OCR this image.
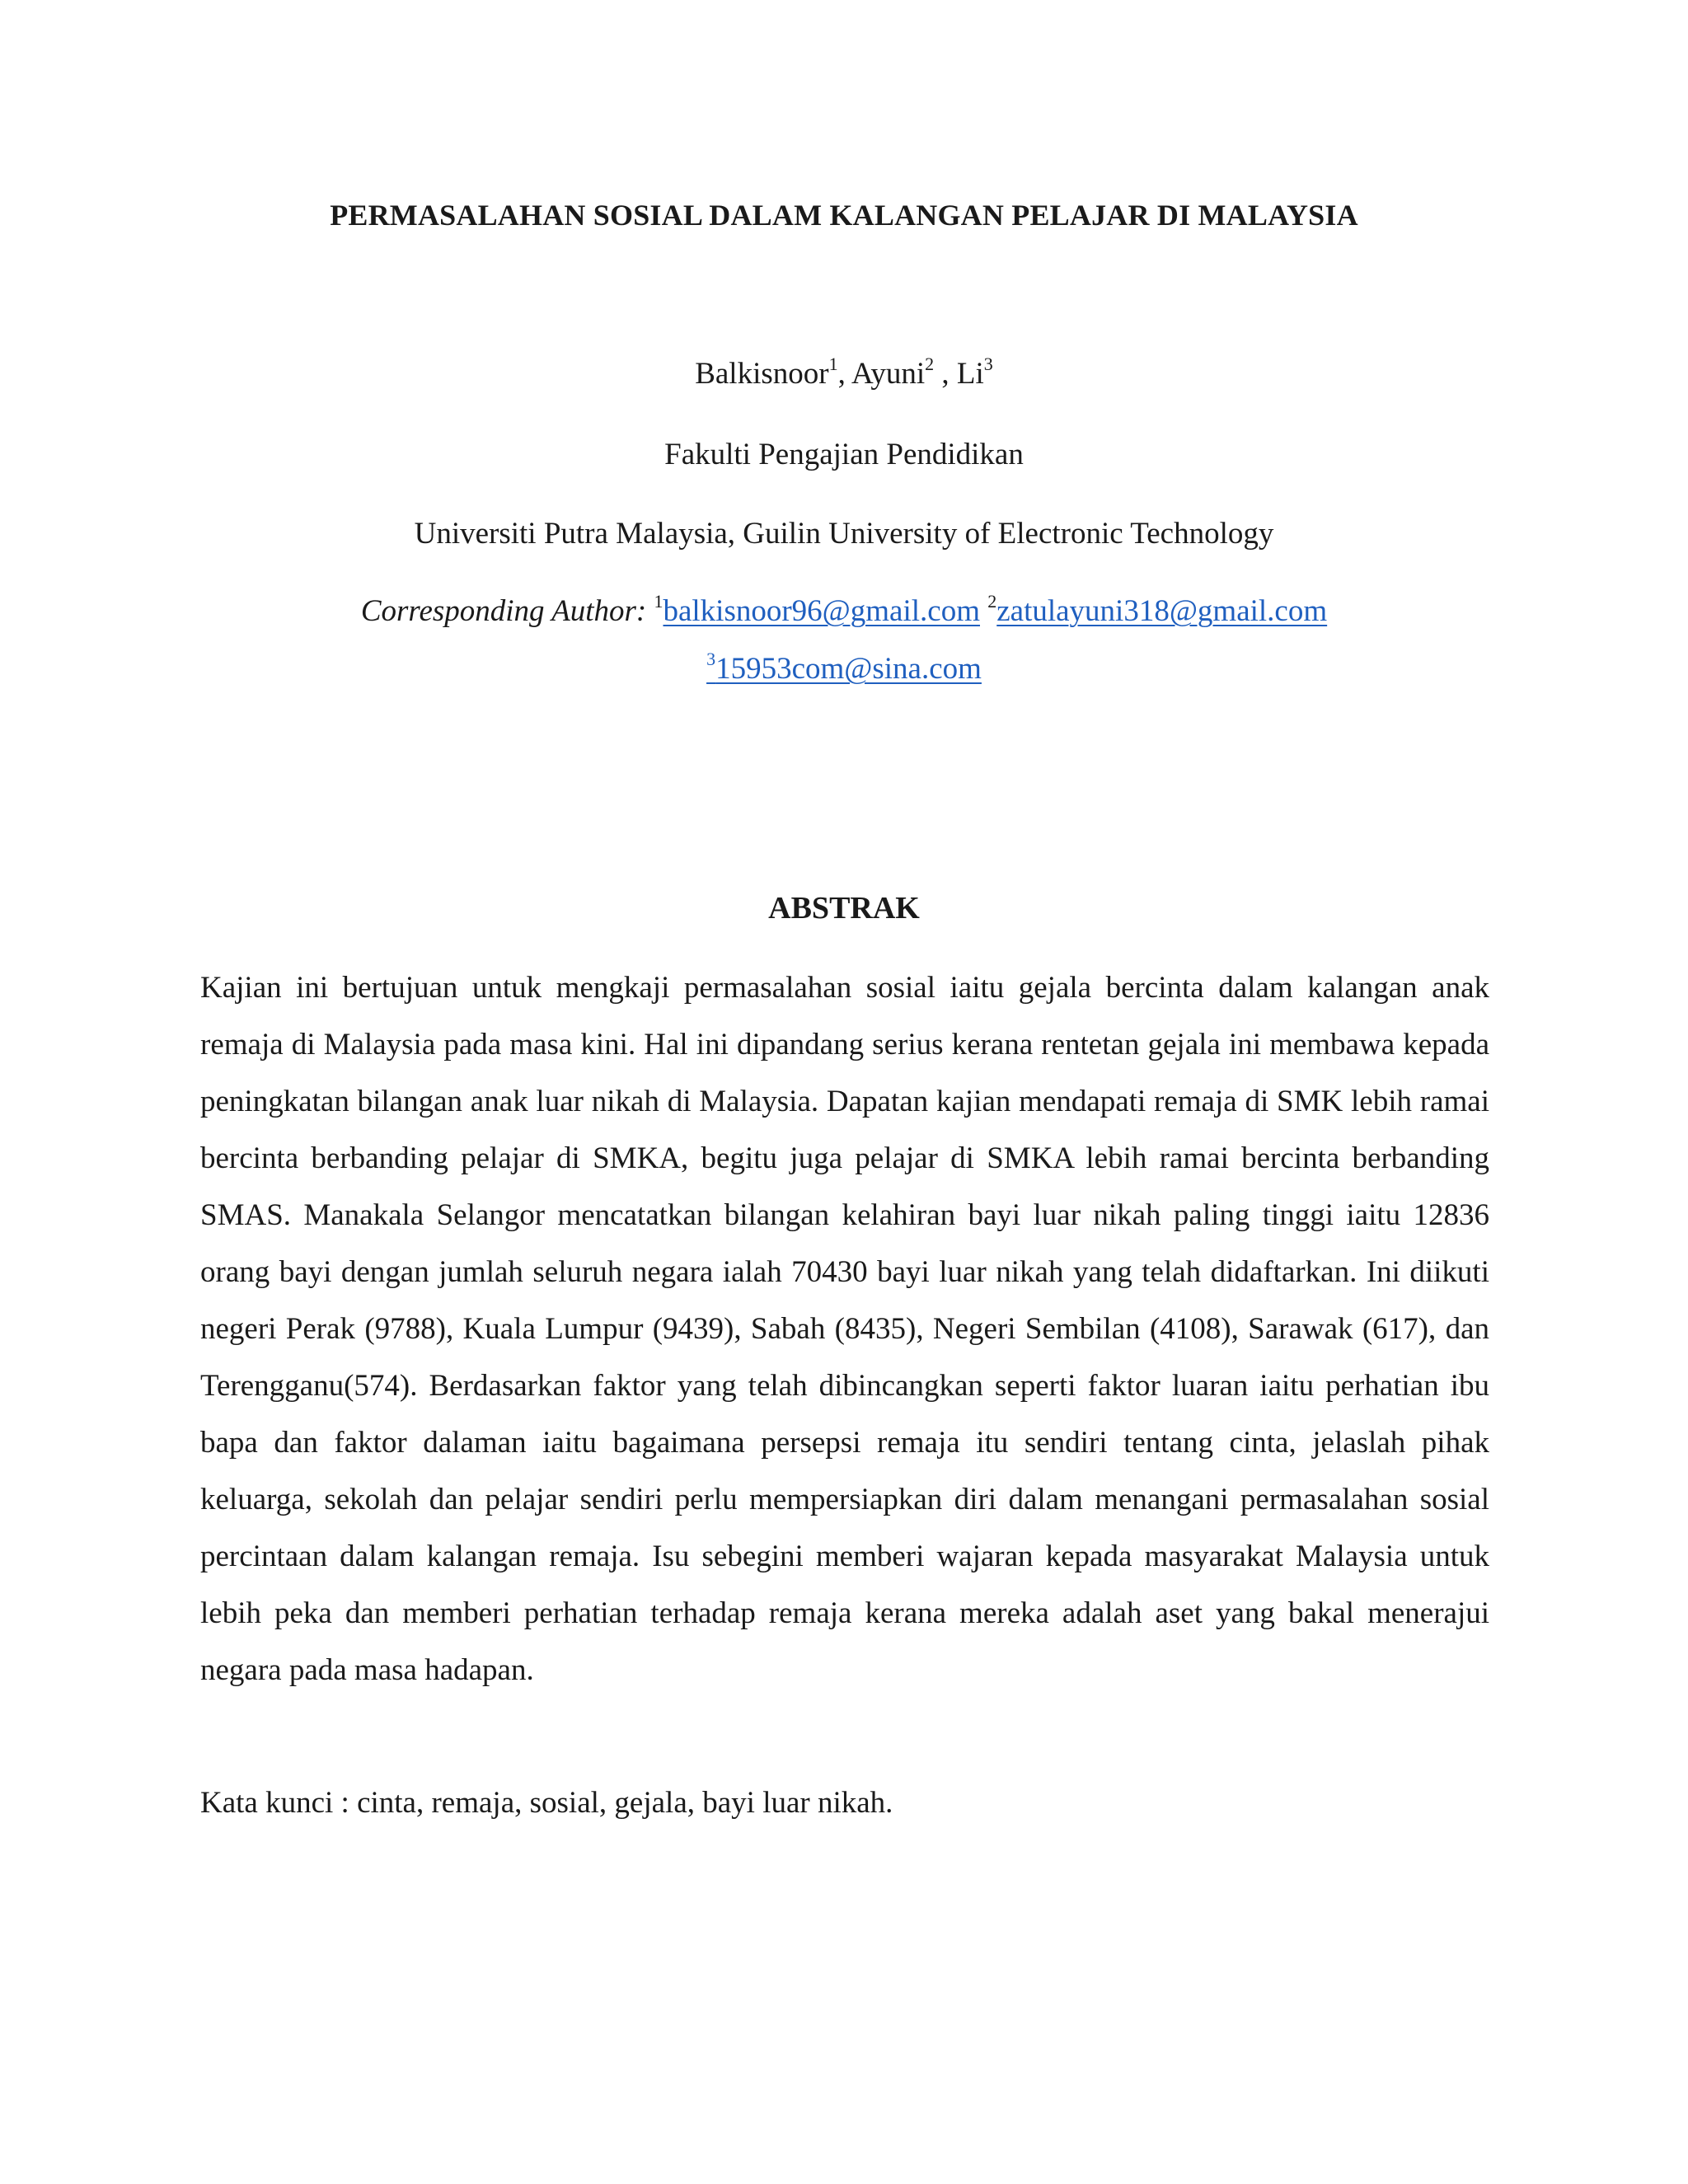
PERMASALAHAN SOSIAL DALAM KALANGAN PELAJAR DI MALAYSIA
Balkisnoor$^1$, Ayuni$^2$ , Li$^3$
Fakulti Pengajian Pendidikan
Universiti Putra Malaysia, Guilin University of Electronic Technology
Corresponding Author: $^1$balkisnoor96@gmail.com $^2$zatulayuni318@gmail.com
$^3$15953com@sina.com
ABSTRAK

Kajian ini bertujuan untuk mengkaji permasalahan sosial iaitu gejala bercinta dalam kalangan anak remaja di Malaysia pada masa kini. Hal ini dipandang serius kerana rentetan gejala ini membawa kepada peningkatan bilangan anak luar nikah di Malaysia. Dapatan kajian mendapati remaja di SMK lebih ramai bercinta berbanding pelajar di SMKA, begitu juga pelajar di SMKA lebih ramai bercinta berbanding SMAS. Manakala Selangor mencatatkan bilangan kelahiran bayi luar nikah paling tinggi iaitu 12836 orang bayi dengan jumlah seluruh negara ialah 70430 bayi luar nikah yang telah didaftarkan. Ini diikuti negeri Perak (9788), Kuala Lumpur (9439), Sabah (8435), Negeri Sembilan (4108), Sarawak (617), dan Terengganu(574). Berdasarkan faktor yang telah dibincangkan seperti faktor luaran iaitu perhatian ibu bapa dan faktor dalaman iaitu bagaimana persepsi remaja itu sendiri tentang cinta, jelaslah pihak keluarga, sekolah dan pelajar sendiri perlu mempersiapkan diri dalam menangani permasalahan sosial percintaan dalam kalangan remaja. Isu sebegini memberi wajaran kepada masyarakat Malaysia untuk lebih peka dan memberi perhatian terhadap remaja kerana mereka adalah aset yang bakal menerajui negara pada masa hadapan.

Kata kunci : cinta, remaja, sosial, gejala, bayi luar nikah.
